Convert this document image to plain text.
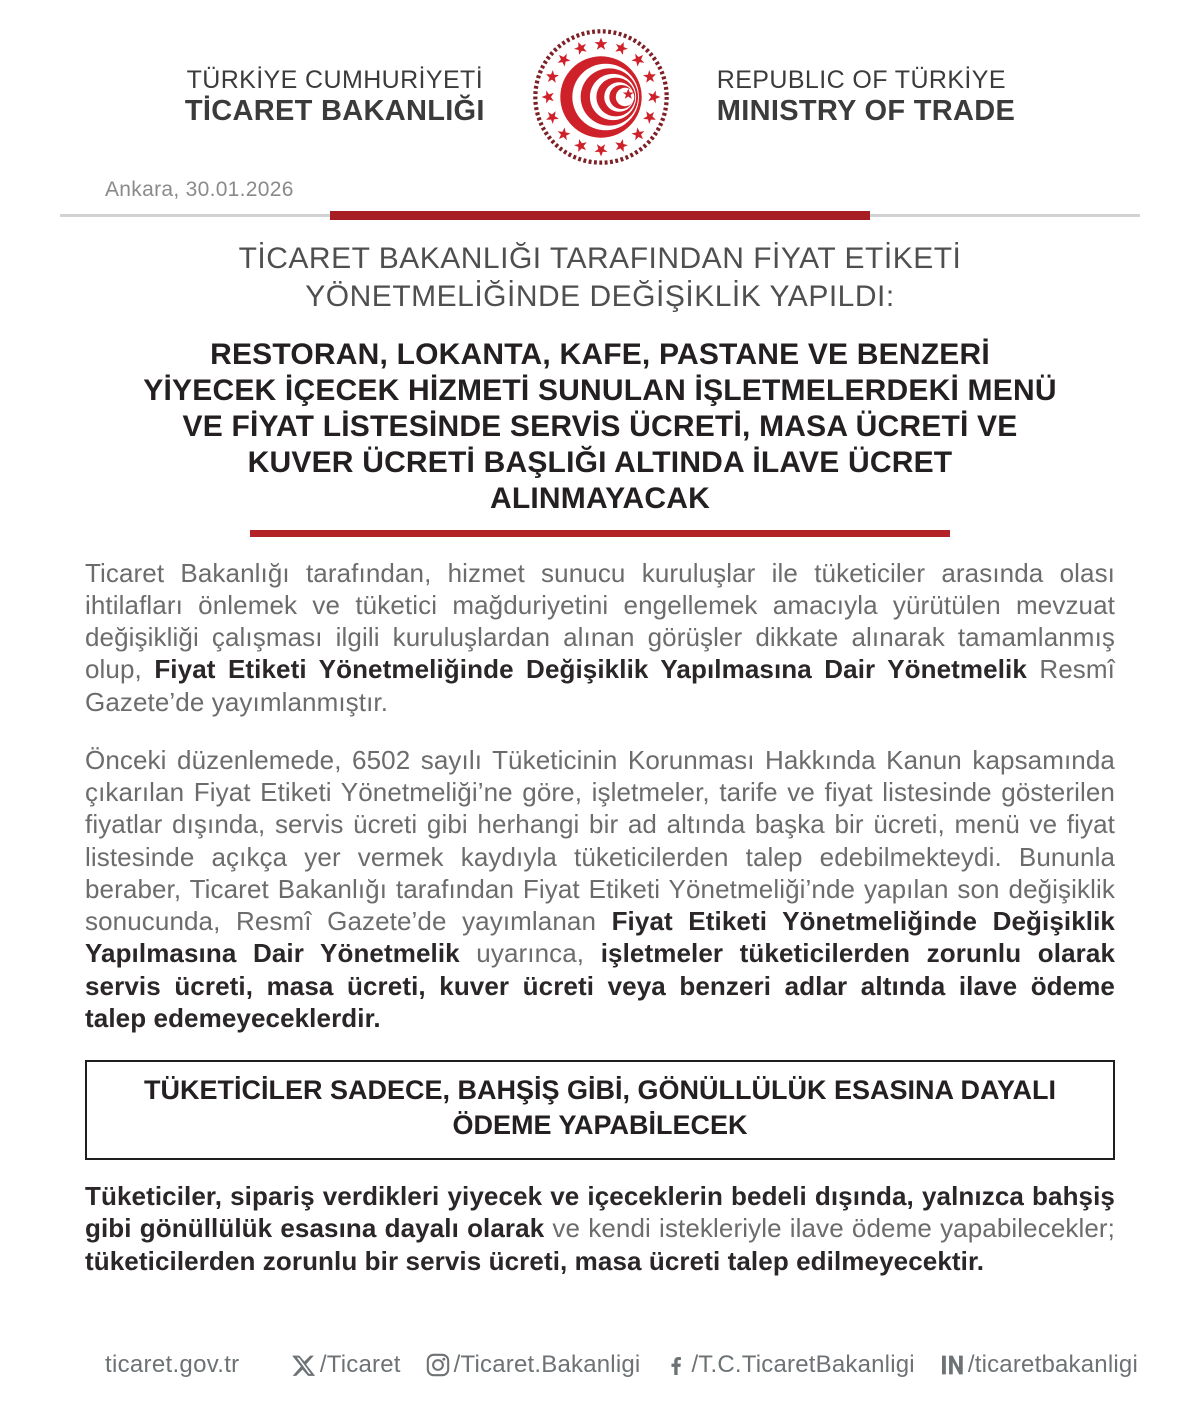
TÜRKİYE CUMHURİYETİ
TİCARET BAKANLIĞI
REPUBLIC OF TÜRKİYE
MINISTRY OF TRADE
Ankara, 30.01.2026
TİCARET BAKANLIĞI TARAFINDAN FİYAT ETİKETİ
YÖNETMELİĞİNDE DEĞİŞİKLİK YAPILDI:
RESTORAN, LOKANTA, KAFE, PASTANE VE BENZERİ
YİYECEK İÇECEK HİZMETİ SUNULAN İŞLETMELERDEKİ MENÜ
VE FİYAT LİSTESİNDE SERVİS ÜCRETİ, MASA ÜCRETİ VE
KUVER ÜCRETİ BAŞLIĞI ALTINDA İLAVE ÜCRET
ALINMAYACAK

Ticaret Bakanlığı tarafından, hizmet sunucu kuruluşlar ile tüketiciler arasında olası ihtilafları önlemek ve tüketici mağduriyetini engellemek amacıyla yürütülen mevzuat değişikliği çalışması ilgili kuruluşlardan alınan görüşler dikkate alınarak tamamlanmış olup, Fiyat Etiketi Yönetmeliğinde Değişiklik Yapılmasına Dair Yönetmelik Resmî Gazete’de yayımlanmıştır.

Önceki düzenlemede, 6502 sayılı Tüketicinin Korunması Hakkında Kanun kapsamında çıkarılan Fiyat Etiketi Yönetmeliği’ne göre, işletmeler, tarife ve fiyat listesinde gösterilen fiyatlar dışında, servis ücreti gibi herhangi bir ad altında başka bir ücreti, menü ve fiyat listesinde açıkça yer vermek kaydıyla tüketicilerden talep edebilmekteydi. Bununla beraber, Ticaret Bakanlığı tarafından Fiyat Etiketi Yönetmeliği’nde yapılan son değişiklik sonucunda, Resmî Gazete’de yayımlanan Fiyat Etiketi Yönetmeliğinde Değişiklik Yapılmasına Dair Yönetmelik uyarınca, işletmeler tüketicilerden zorunlu olarak servis ücreti, masa ücreti, kuver ücreti veya benzeri adlar altında ilave ödeme talep edemeyeceklerdir.

TÜKETİCİLER SADECE, BAHŞİŞ GİBİ, GÖNÜLLÜLÜK ESASINA DAYALI
ÖDEME YAPABİLECEK

Tüketiciler, sipariş verdikleri yiyecek ve içeceklerin bedeli dışında, yalnızca bahşiş gibi gönüllülük esasına dayalı olarak ve kendi istekleriyle ilave ödeme yapabilecekler; tüketicilerden zorunlu bir servis ücreti, masa ücreti talep edilmeyecektir.

ticaret.gov.tr	/Ticaret /Ticaret.Bakanligi /T.C.TicaretBakanligi /ticaretbakanligi
